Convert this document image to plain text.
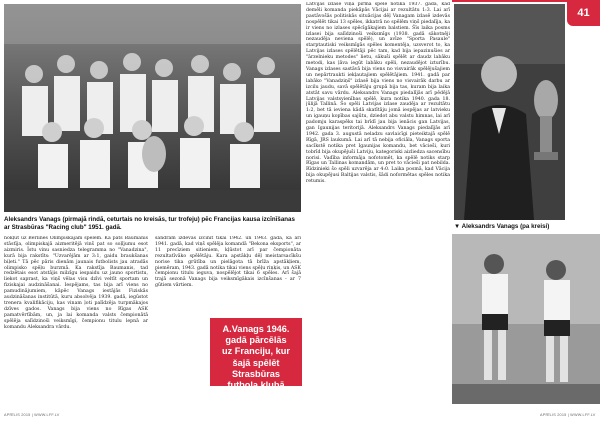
41
Aleksandrs Vanags (pirmajā rindā, ceturtais no kreisās, tur trofeju) pēc Francijas kausa izcīnīšanas ar Strasbūras "Racing club" 1951. gadā.	▼ Aleksandrs Vanags (pa kreisi)
nokļūt uz Berlīnes Olimpiskajām spēlēm. Kā pats Baumanis stāstīja, olimpiskajā aizmeritējā vinš pat so soļījumu esot aizmiris. Īstu vinu sasniedza telegramma no "Vanadzina", kurā bija rakstīts: "Uzvarējām ar 3:1, gaidu braukšanas biļeti." Tā pēc pāris dienām jaunais futbolists jau atradās olimpisko spēļu burzmā. Ka rakstīja Baumanis, tad redzētais esot atstājis milzīgu iespaidu uz jauno sportistu, liekot saprast, ka viņš vēlas visu dzīvi veltīt sportam un fiziskajai audzināšanai. Iespējams, tas bija arī viens no pamudinājumiem, kāpēc Vanags iestājās Fiziskās audzināšanas institūtā, kuru absolvēja 1939. gadā, iegūstot trenera kvalifikāciju, kas vinam ļoti palīdzēja turpmākajos dzīves gados. Vanags bija viens no Rīgas ASK pamatvērtībām, un, ja lai komanda valsts čempionātā spēlēja salīdzinoši veiksmīgi, čempionu titulu lepnā ar komandu Aleksandra vārdu.
sandram izdevās izcīnīt tikai 1942. un 1943. gadā, kā arī 1941. gadā, kad viņš spēlēja komandā "Bekona eksports", ar 11 precīziem sitieniem, kļūstot arī par čempionāta rezultatīvāko spēlētāju. Kara apstākļu dēļ meistarsacīkšu norise tika grūtība un pielāgota tā brīža apstākļiem, piemēram, 1943. gadā notika tikai viens spēļu riņķis, un ASK čempionu titulu ieguva, nospēlējot tikai 6 spēles. Arī šajā trajā sezonā Vanags bija veiksmīgākais izcīnšanas - ar 7 gūtiem vārtiem.
A.Vanags 1946. gadā pārcēlās
uz Franciju, kur šajā spēlēt
Strasbūras futbola klubā
"Racing Club"
Latvijas izlasē viņa pirmā spēle notika 1937. gadā, kad demēli komanda piekāpās Vācijai ar rezultātu 1:3. Lai arī pastāvošās politiskās situācijas dēļ Vanagam izlasē izdevās nospēlēt tikai 13 spēles, ikkatrā no spēlēm viņš piedalīja, ka ir viens no izlases spēcīgākajiem balstiem. Šīs laika posms izlasei bija salīdzinoši veiksmīgs (1938. gadā sākotnēji nezaudēja neviena spēlē), un avīze "Sporta Pasaule" starptautiski veiksmīgās spēles komentēja, uzsverot to, ka Latvijas izlases spēlētāji pēc tam, kad bija iepazinušies ar "ārzelnieku metodes" lietu, sākuši spēlēt ar daudz labāku metodi, kas ļāva iegūt labāku spēli, nezaudējot izturību. Vanags izlases sastāvā bija viens no visvairāk spēlējušajiem un nepārtraukti iekļautajiem spēlētājiem. 1941. gadā par labāko "Vanadziņš" izlasē bija viens no visvairāk darbu ar izcilu jaudu, savā spēlētāju grupā bija tas, kuram bija laika atstāt savu vārdu. Aleksandrs Vanags piedalījās arī pēdējā Latvijas valstsvienības spēlē, kura notika 1940. gada 18. jūlijā Tallinā. Šo spēli Latvijas izlase zaudēja ar rezultātu 1:2, bet tā ieviena kādā skatītāju jomā iespējas ar latvieku un igauņu kopības sajūtu, dziedot abu valstu himnas, lai arī padomju karaspēks tai brīdī jau bija ienācis gan Latvijas, gan Igaunijas teritorijā. Aleksandrs Vanags piedalījās arī 1942. gada 3. augustā neladzu savlaicīgi pieteiktajā spēlē Rīgā, JRS laukumā. Lai arī tā nebija oficiāla, Vanags sporta sacīkstē notika pret Igaunijas komandu, bet vācieši, kuri tobrīd bija okupējuši Latviju, kategoriski aizliedza sacensību norisi. Vadība informāja nofotomēt, ka spēlē notiks starp Rīgas un Tallinas komandām, un pret to vācieši pat nebilda. Rīdzinieki šo spēli uzvarēja ar 4:0. Laika posmā, kad Vācija bija okupējusi Baltijas valstis, šādi noformētas spēles notika retumis.
APRĪLIS 2015 | WWW.LFF.LV	APRĪLIS 2015 | WWW.LFF.LV
